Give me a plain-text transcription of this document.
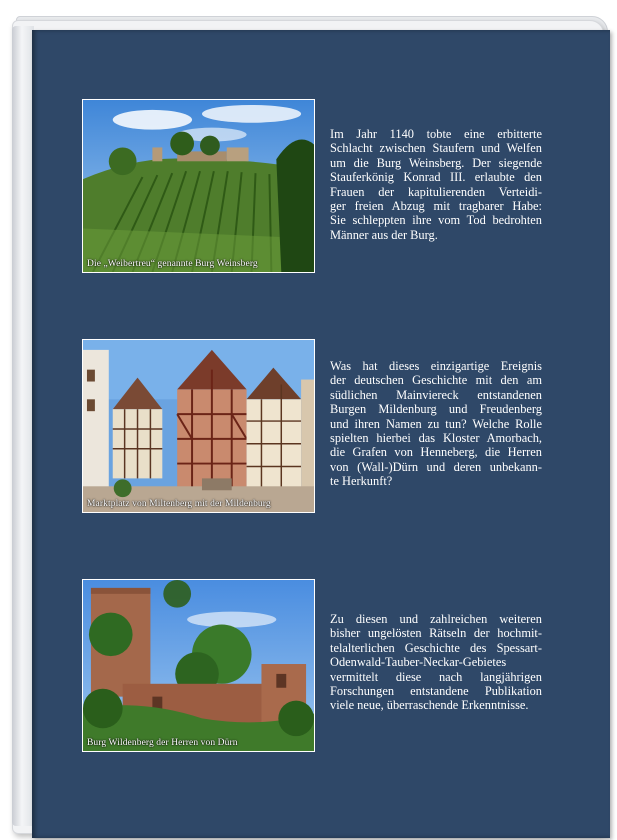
Die „Weibertreu“ genannte Burg Weinsberg
Marktplatz von Miltenberg mit der Mildenburg
Burg Wildenberg der Herren von Dürn
Im Jahr 1140 tobte eine erbitterte
Schlacht zwischen Staufern und Welfen
um die Burg Weinsberg. Der siegende
Stauferkönig Konrad III. erlaubte den
Frauen der kapitulierenden Verteidi-
ger freien Abzug mit tragbarer Habe:
Sie schleppten ihre vom Tod bedrohten
Männer aus der Burg.
Was hat dieses einzigartige Ereignis
der deutschen Geschichte mit den am
südlichen Mainviereck entstandenen
Burgen Mildenburg und Freudenberg
und ihren Namen zu tun? Welche Rolle
spielten hierbei das Kloster Amorbach,
die Grafen von Henneberg, die Herren
von (Wall-)Dürn und deren unbekann-
te Herkunft?
Zu diesen und zahlreichen weiteren
bisher ungelösten Rätseln der hochmit-
telalterlichen Geschichte des Spessart-
Odenwald-Tauber-Neckar-Gebietes
vermittelt diese nach langjährigen
Forschungen entstandene Publikation
viele neue, überraschende Erkenntnisse.
